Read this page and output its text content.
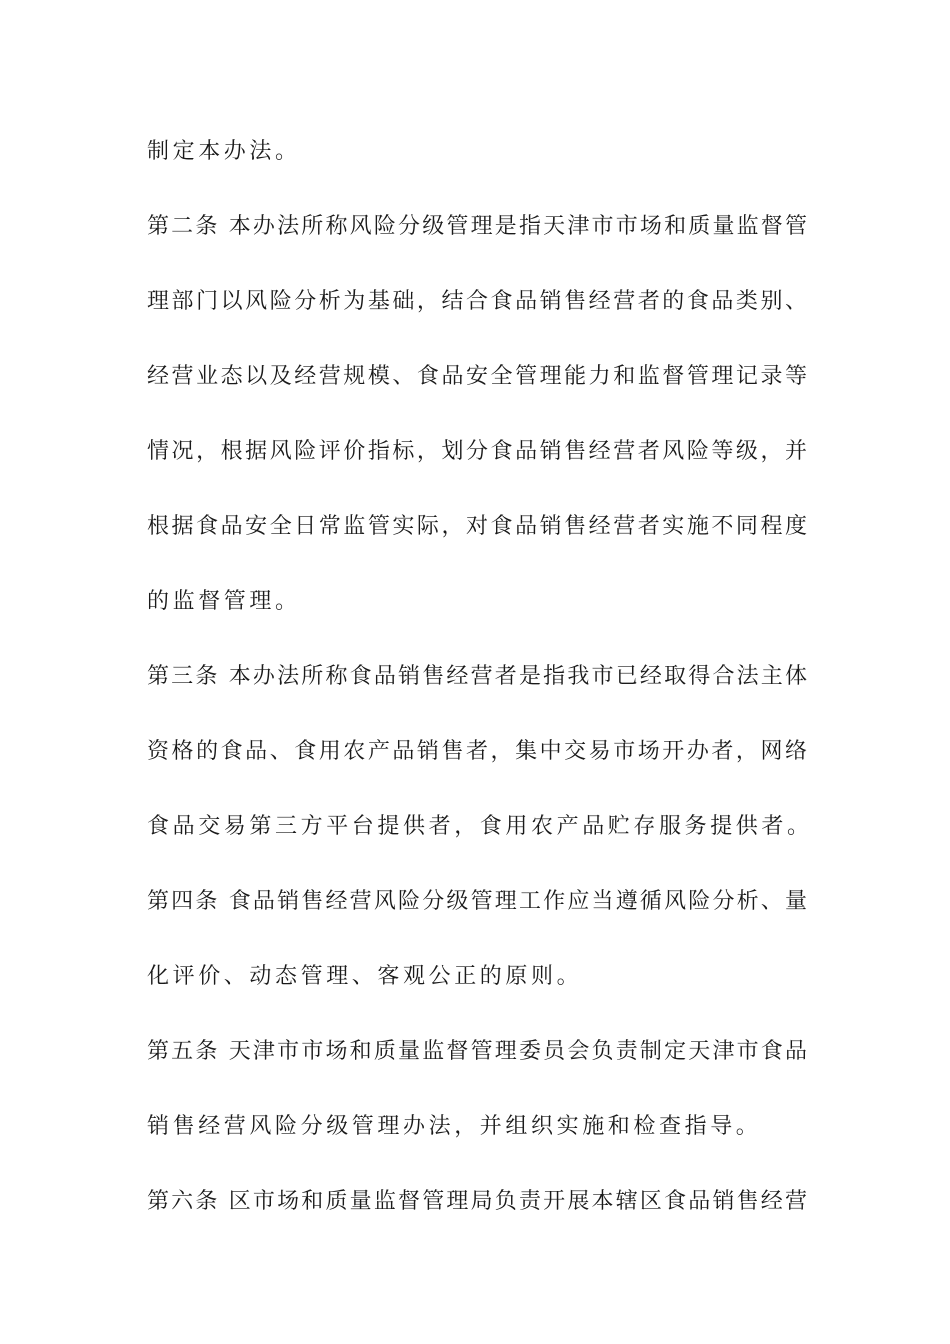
制定本办法。
第二条 本办法所称风险分级管理是指天津市市场和质量监督管
理部门以风险分析为基础，结合食品销售经营者的食品类别、
经营业态以及经营规模、食品安全管理能力和监督管理记录等
情况，根据风险评价指标，划分食品销售经营者风险等级，并
根据食品安全日常监管实际，对食品销售经营者实施不同程度
的监督管理。
第三条 本办法所称食品销售经营者是指我市已经取得合法主体
资格的食品、食用农产品销售者，集中交易市场开办者，网络
食品交易第三方平台提供者，食用农产品贮存服务提供者。
第四条 食品销售经营风险分级管理工作应当遵循风险分析、量
化评价、动态管理、客观公正的原则。
第五条 天津市市场和质量监督管理委员会负责制定天津市食品
销售经营风险分级管理办法，并组织实施和检查指导。
第六条 区市场和质量监督管理局负责开展本辖区食品销售经营
